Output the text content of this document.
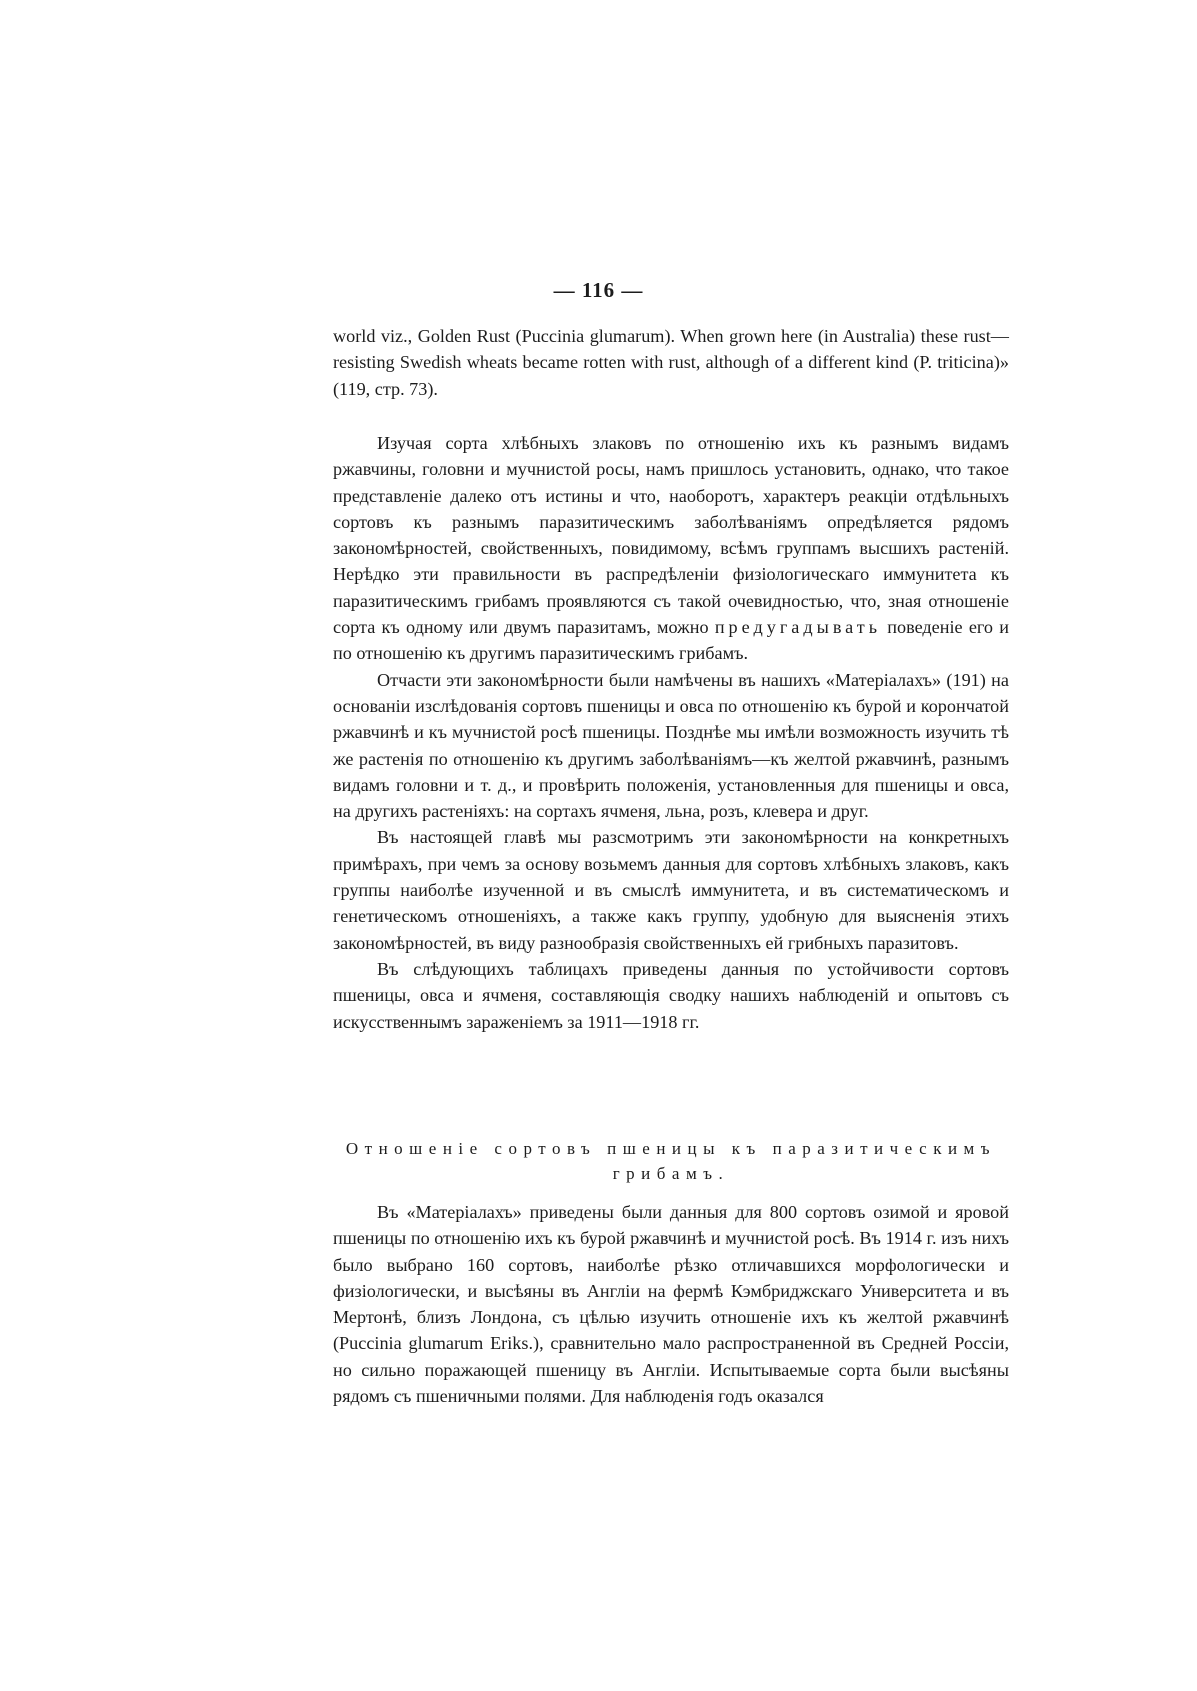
— 116 —

world viz., Golden Rust (Puccinia glumarum). When grown here (in Australia) these rust—resisting Swedish wheats became rotten with rust, although of a different kind (P. triticina)» (119, стр. 73).

Изучая сорта хлѣбныхъ злаковъ по отношенію ихъ къ разнымъ видамъ ржавчины, головни и мучнистой росы, намъ пришлось установить, однако, что такое представленіе далеко отъ истины и что, наоборотъ, характеръ реакціи отдѣльныхъ сортовъ къ разнымъ паразитическимъ заболѣваніямъ опредѣляется рядомъ закономѣрностей, свойственныхъ, повидимому, всѣмъ группамъ высшихъ растеній. Нерѣдко эти правильности въ распредѣленіи физіологическаго иммунитета къ паразитическимъ грибамъ проявляются съ такой очевидностью, что, зная отношеніе сорта къ одному или двумъ паразитамъ, можно предугадывать поведеніе его и по отношенію къ другимъ паразитическимъ грибамъ.

Отчасти эти закономѣрности были намѣчены въ нашихъ «Матеріалахъ» (191) на основаніи изслѣдованія сортовъ пшеницы и овса по отношенію къ бурой и корончатой ржавчинѣ и къ мучнистой росѣ пшеницы. Позднѣе мы имѣли возможность изучить тѣ же растенія по отношенію къ другимъ заболѣваніямъ—къ желтой ржавчинѣ, разнымъ видамъ головни и т. д., и провѣрить положенія, установленныя для пшеницы и овса, на другихъ растеніяхъ: на сортахъ ячменя, льна, розъ, клевера и друг.

Въ настоящей главѣ мы разсмотримъ эти закономѣрности на конкретныхъ примѣрахъ, при чемъ за основу возьмемъ данныя для сортовъ хлѣбныхъ злаковъ, какъ группы наиболѣе изученной и въ смыслѣ иммунитета, и въ систематическомъ и генетическомъ отношеніяхъ, а также какъ группу, удобную для выясненія этихъ закономѣрностей, въ виду разнообразія свойственныхъ ей грибныхъ паразитовъ.

Въ слѣдующихъ таблицахъ приведены данныя по устойчивости сортовъ пшеницы, овса и ячменя, составляющія сводку нашихъ наблюденій и опытовъ съ искусственнымъ зараженіемъ за 1911—1918 гг.

Отношеніе сортовъ пшеницы къ паразитическимъ грибамъ.

Въ «Матеріалахъ» приведены были данныя для 800 сортовъ озимой и яровой пшеницы по отношенію ихъ къ бурой ржавчинѣ и мучнистой росѣ. Въ 1914 г. изъ нихъ было выбрано 160 сортовъ, наиболѣе рѣзко отличавшихся морфологически и физіологически, и высѣяны въ Англіи на фермѣ Кэмбриджскаго Университета и въ Мертонѣ, близъ Лондона, съ цѣлью изучить отношеніе ихъ къ желтой ржавчинѣ (Puccinia glumarum Eriks.), сравнительно мало распространенной въ Средней Россіи, но сильно поражающей пшеницу въ Англіи. Испытываемые сорта были высѣяны рядомъ съ пшеничными полями. Для наблюденія годъ оказался
